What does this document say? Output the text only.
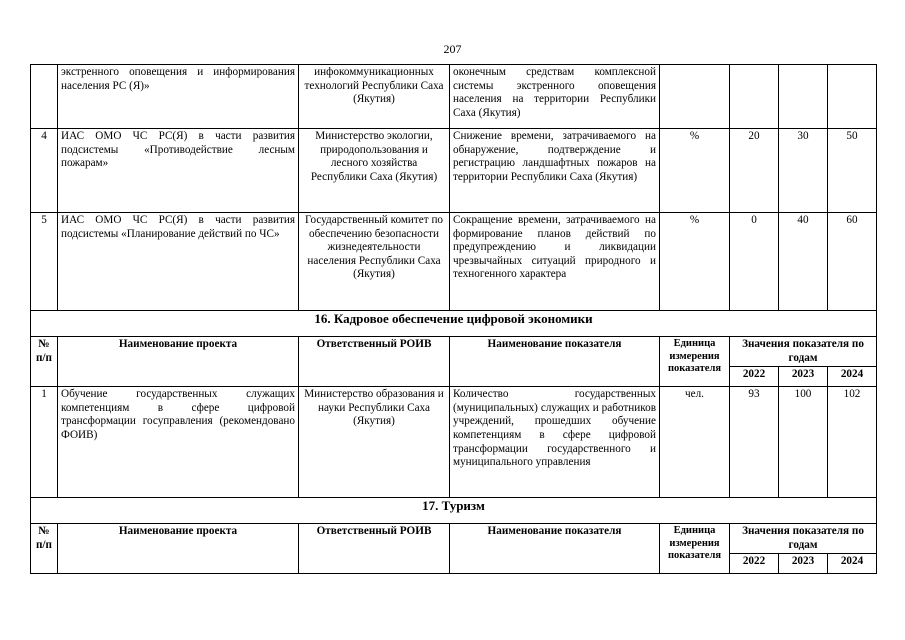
207
	экстренного оповещения и информирования населения РС (Я)»	инфокоммуникационных технологий Республики Саха (Якутия)	оконечным средствам комплексной системы экстренного оповещения населения на территории Республики Саха (Якутия)				
4	ИАС ОМО ЧС РС(Я) в части развития подсистемы «Противодействие лесным пожарам»	Министерство экологии, природопользования и лесного хозяйства Республики Саха (Якутия)	Снижение времени, затрачиваемого на обнаружение, подтверждение и регистрацию ландшафтных пожаров на территории Республики Саха (Якутия)	%	20	30	50
5	ИАС ОМО ЧС РС(Я) в части развития подсистемы «Планирование действий по ЧС»	Государственный комитет по обеспечению безопасности жизнедеятельности населения Республики Саха (Якутия)	Сокращение времени, затрачиваемого на формирование планов действий по предупреждению и ликвидации чрезвычайных ситуаций природного и техногенного характера	%	0	40	60
16. Кадровое обеспечение цифровой экономики							
№ п/п	Наименование проекта	Ответственный РОИВ	Наименование показателя	Единица измерения показателя	Значения показателя по годам		
					2022	2023	2024
1	Обучение государственных служащих компетенциям в сфере цифровой трансформации госуправления (рекомендовано ФОИВ)	Министерство образования и науки Республики Саха (Якутия)	Количество государственных (муниципальных) служащих и работников учреждений, прошедших обучение компетенциям в сфере цифровой трансформации государственного и муниципального управления	чел.	93	100	102
17. Туризм							
№ п/п	Наименование проекта	Ответственный РОИВ	Наименование показателя	Единица измерения показателя	Значения показателя по годам		
					2022	2023	2024
